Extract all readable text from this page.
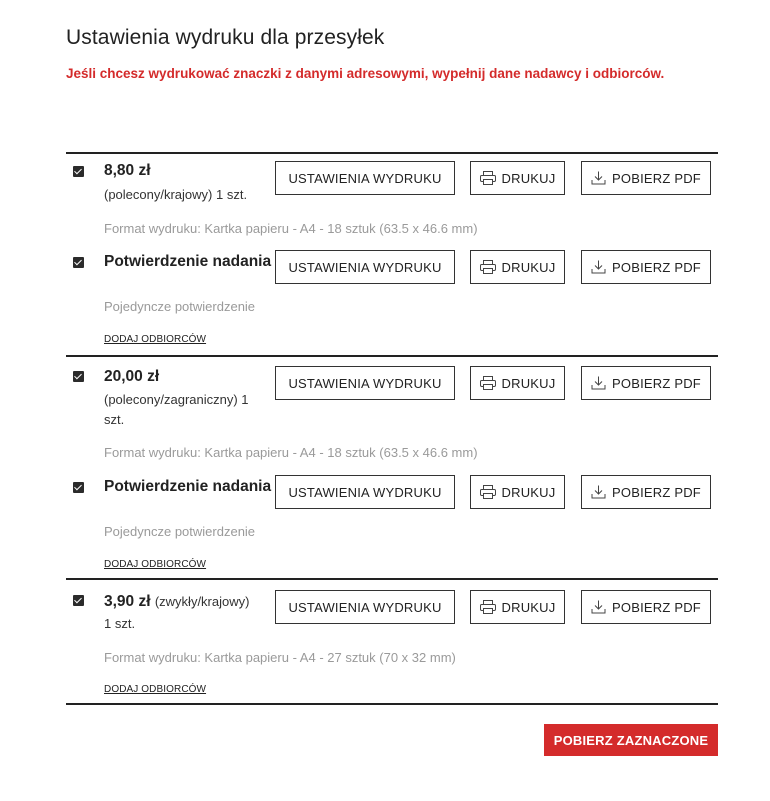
Ustawienia wydruku dla przesyłek

Jeśli chcesz wydrukować znaczki z danymi adresowymi, wypełnij dane nadawcy i odbiorców.

8,80 zł
(polecony/krajowy) 1 szt.
USTAWIENIA WYDRUKU	DRUKUJ	POBIERZ PDF
Format wydruku: Kartka papieru - A4 - 18 sztuk (63.5 x 46.6 mm)
Potwierdzenie nadania USTAWIENIA WYDRUKU	DRUKUJ	POBIERZ PDF
Pojedyncze potwierdzenie
DODAJ ODBIORCÓW
20,00 zł
(polecony/zagraniczny) 1
szt.
USTAWIENIA WYDRUKU	DRUKUJ	POBIERZ PDF
Format wydruku: Kartka papieru - A4 - 18 sztuk (63.5 x 46.6 mm)
Potwierdzenie nadania USTAWIENIA WYDRUKU	DRUKUJ	POBIERZ PDF
Pojedyncze potwierdzenie
DODAJ ODBIORCÓW
3,90 zł (zwykły/krajowy)
1 szt.
USTAWIENIA WYDRUKU	DRUKUJ	POBIERZ PDF
Format wydruku: Kartka papieru - A4 - 27 sztuk (70 x 32 mm)
DODAJ ODBIORCÓW
POBIERZ ZAZNACZONE
